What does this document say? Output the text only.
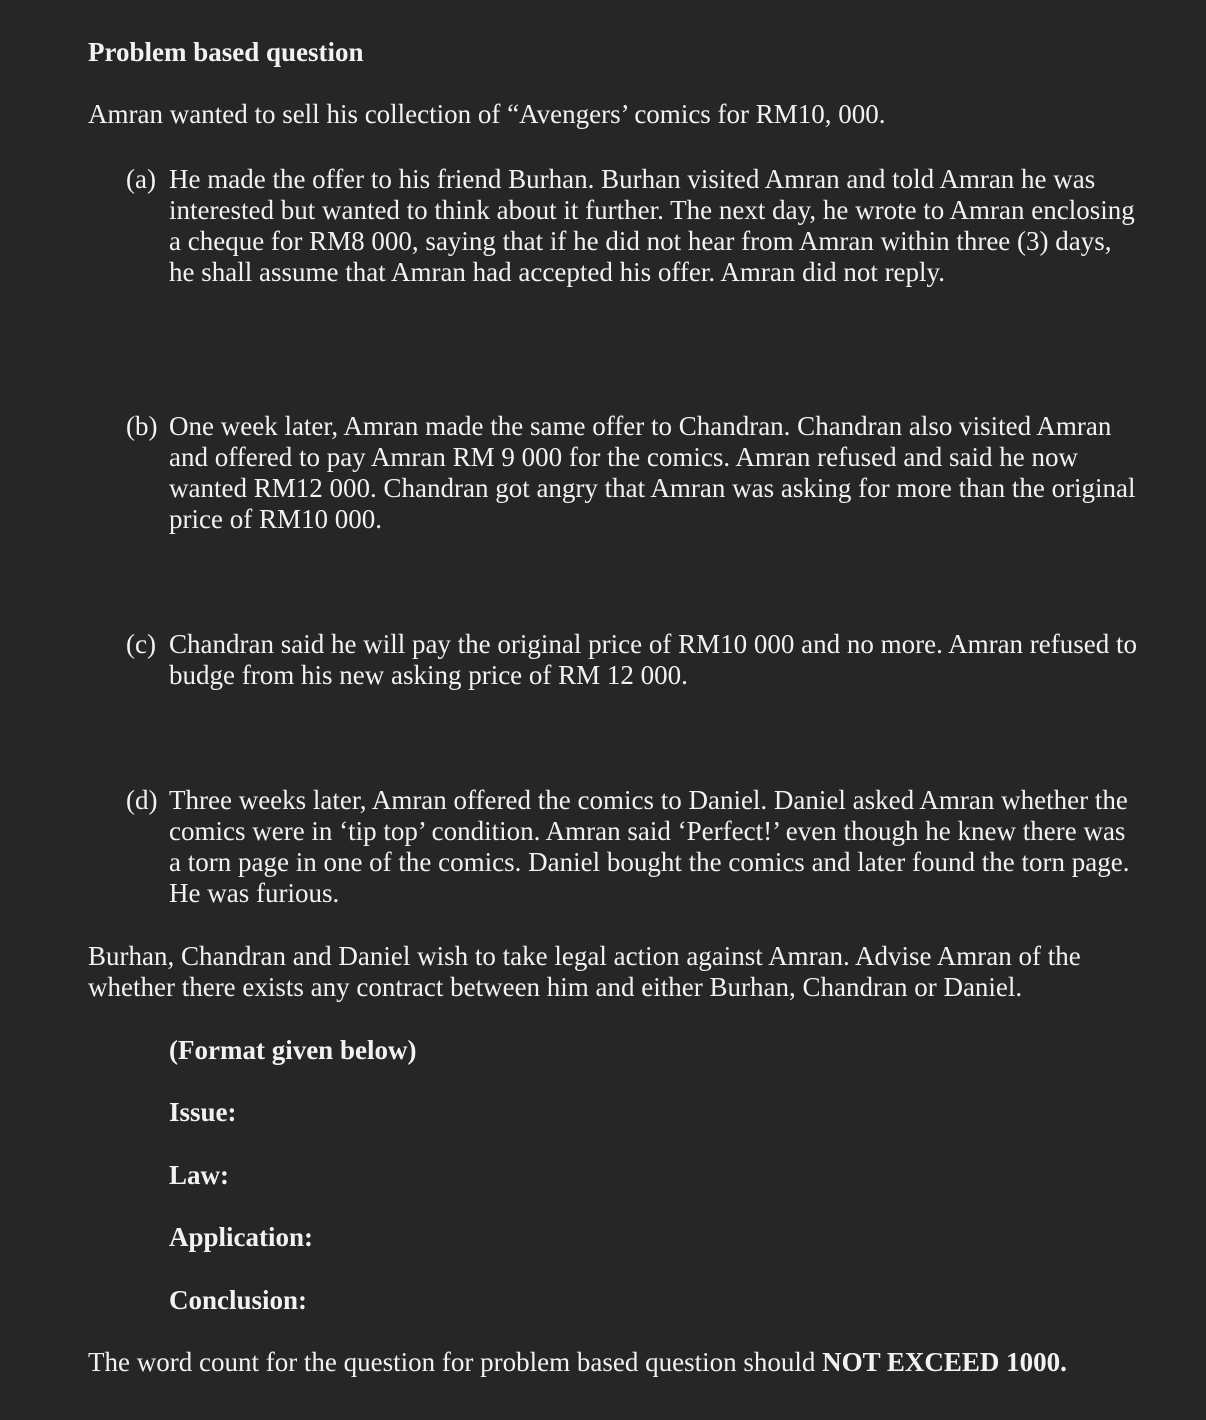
Problem based question

Amran wanted to sell his collection of “Avengers’ comics for RM10, 000.

(a) He made the offer to his friend Burhan. Burhan visited Amran and told Amran he was interested but wanted to think about it further. The next day, he wrote to Amran enclosing a cheque for RM8 000, saying that if he did not hear from Amran within three (3) days, he shall assume that Amran had accepted his offer. Amran did not reply.
(b) One week later, Amran made the same offer to Chandran. Chandran also visited Amran and offered to pay Amran RM 9 000 for the comics. Amran refused and said he now wanted RM12 000. Chandran got angry that Amran was asking for more than the original price of RM10 000.
(c) Chandran said he will pay the original price of RM10 000 and no more. Amran refused to budge from his new asking price of RM 12 000.
(d) Three weeks later, Amran offered the comics to Daniel. Daniel asked Amran whether the comics were in ‘tip top’ condition. Amran said ‘Perfect!’ even though he knew there was a torn page in one of the comics. Daniel bought the comics and later found the torn page. He was furious.

Burhan, Chandran and Daniel wish to take legal action against Amran. Advise Amran of the whether there exists any contract between him and either Burhan, Chandran or Daniel.

(Format given below)
Issue:
Law:
Application:
Conclusion:

The word count for the question for problem based question should NOT EXCEED 1000.
